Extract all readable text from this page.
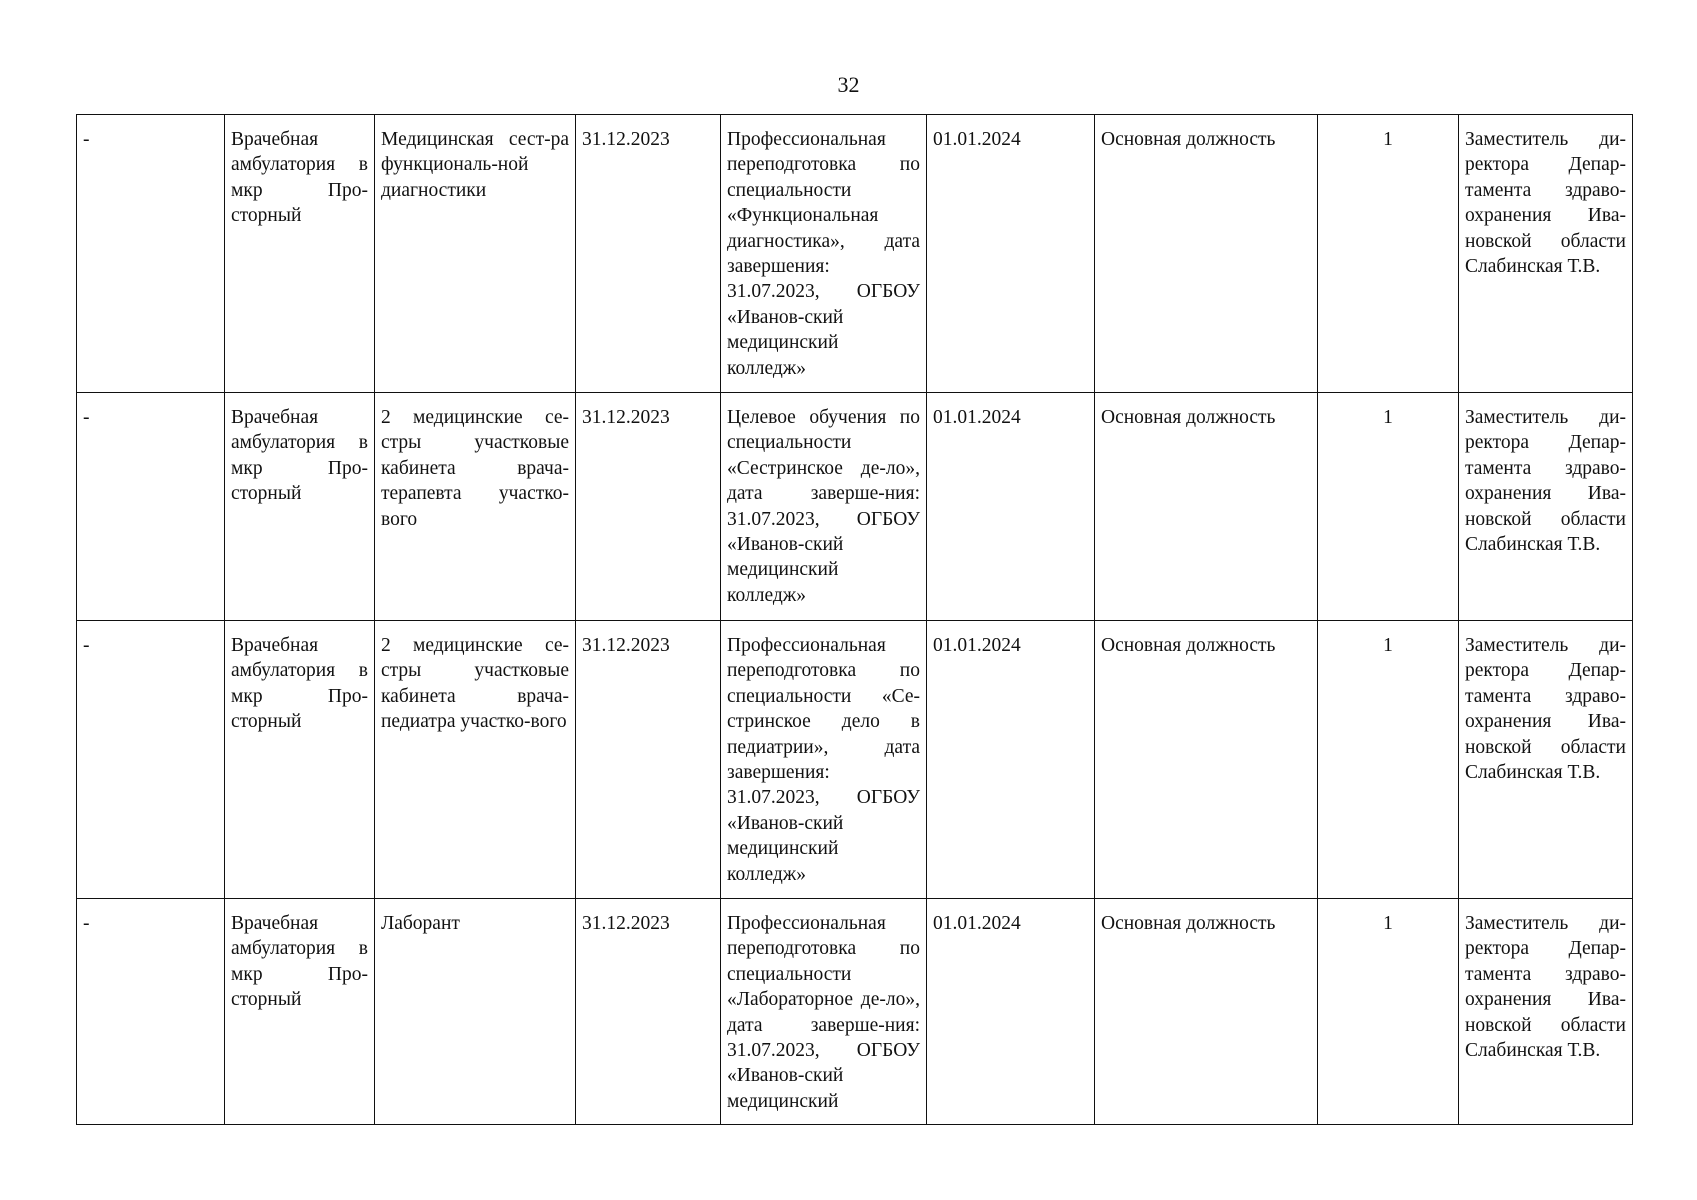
32
-	Врачебная амбулатория в мкр Про-сторный	Медицинская сест-ра функциональ-ной диагностики	31.12.2023	Профессиональная переподготовка по специальности «Функциональная диагностика», дата завершения: 31.07.2023, ОГБОУ «Иванов-ский медицинский колледж»	01.01.2024	Основная должность	1	Заместитель ди-ректора Депар-тамента здраво-охранения Ива-новской области Слабинская Т.В.
-	Врачебная амбулатория в мкр Про-сторный	2 медицинские се-стры участковые кабинета врача-терапевта участко-вого	31.12.2023	Целевое обучения по специальности «Сестринское де-ло», дата заверше-ния: 31.07.2023, ОГБОУ «Иванов-ский медицинский колледж»	01.01.2024	Основная должность	1	Заместитель ди-ректора Депар-тамента здраво-охранения Ива-новской области Слабинская Т.В.
-	Врачебная амбулатория в мкр Про-сторный	2 медицинские се-стры участковые кабинета врача-педиатра участко-вого	31.12.2023	Профессиональная переподготовка по специальности «Се-стринское дело в педиатрии», дата завершения: 31.07.2023, ОГБОУ «Иванов-ский медицинский колледж»	01.01.2024	Основная должность	1	Заместитель ди-ректора Депар-тамента здраво-охранения Ива-новской области Слабинская Т.В.
-	Врачебная амбулатория в мкр Про-сторный	Лаборант	31.12.2023	Профессиональная переподготовка по специальности «Лабораторное де-ло», дата заверше-ния: 31.07.2023, ОГБОУ «Иванов-ский медицинский	01.01.2024	Основная должность	1	Заместитель ди-ректора Депар-тамента здраво-охранения Ива-новской области Слабинская Т.В.
